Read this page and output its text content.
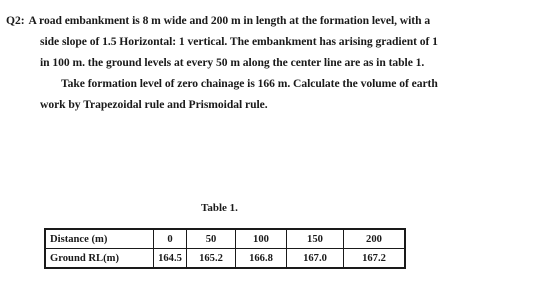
Q2: A road embankment is 8 m wide and 200 m in length at the formation level, with a

side slope of 1.5 Horizontal: 1 vertical. The embankment has arising gradient of 1

in 100 m. the ground levels at every 50 m along the center line are as in table 1.

Take formation level of zero chainage is 166 m. Calculate the volume of earth

work by Trapezoidal rule and Prismoidal rule.

Table 1.
Distance (m)	0	50	100	150	200
Ground RL(m)	164.5	165.2	166.8	167.0	167.2
